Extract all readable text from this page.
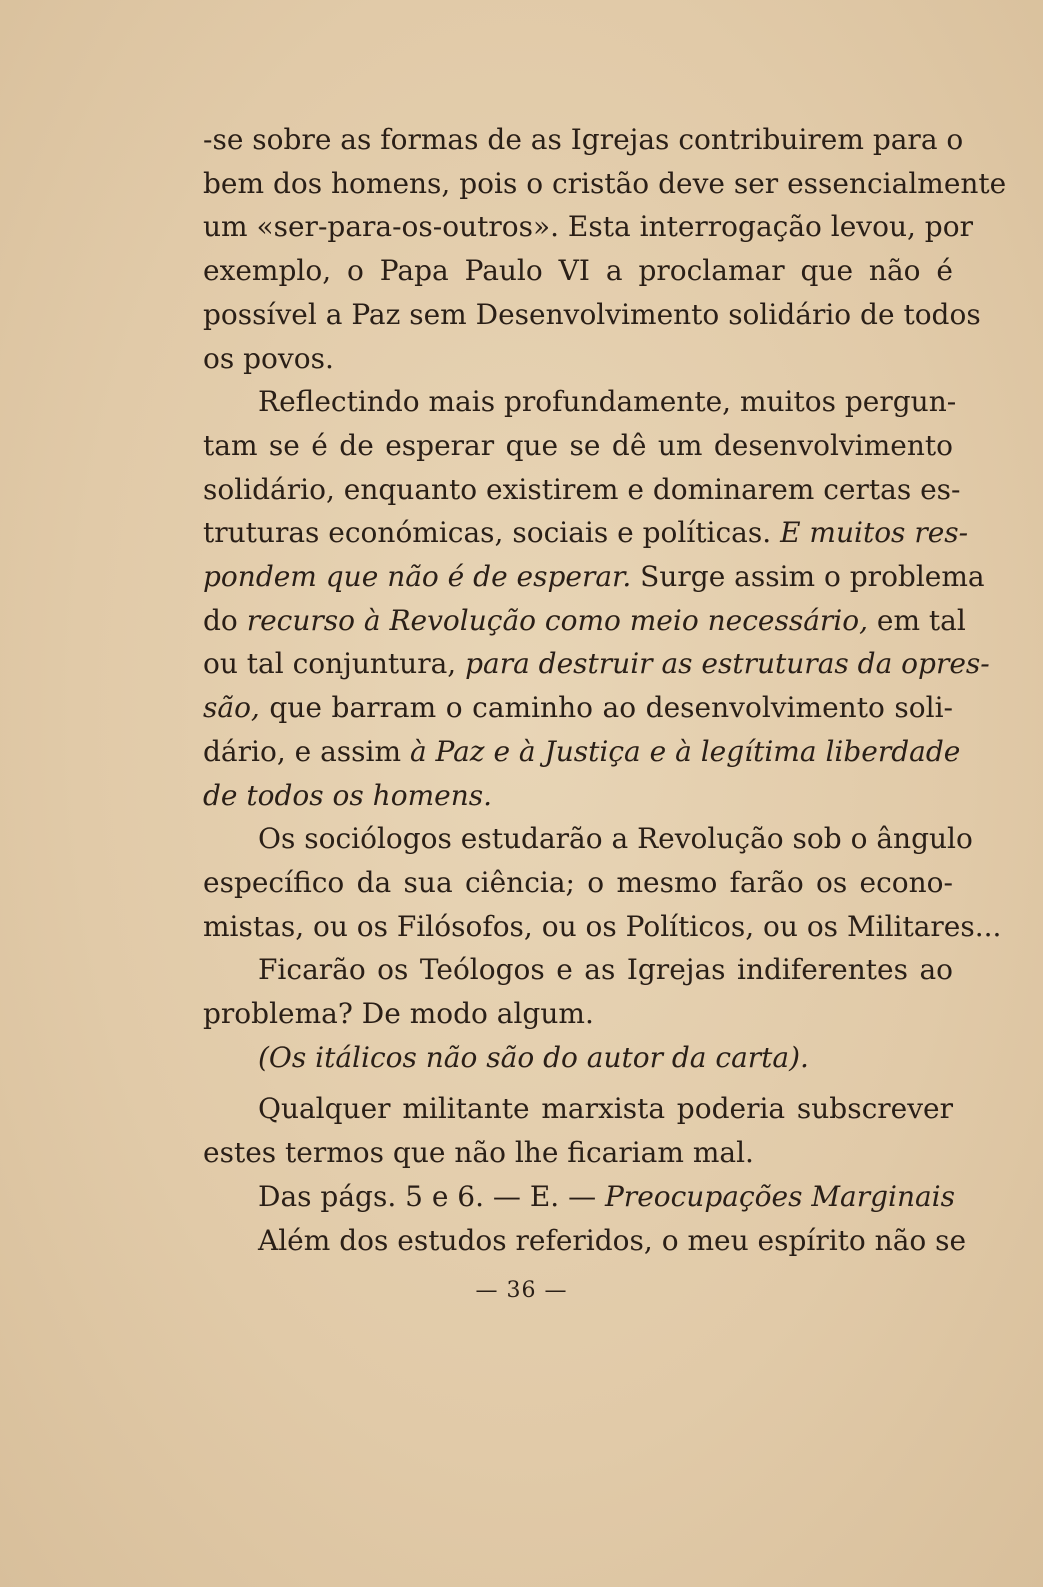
-se sobre as formas de as Igrejas contribuirem para o
bem dos homens, pois o cristão deve ser essencialmente
um «ser-para-os-outros». Esta interrogação levou, por
exemplo, o Papa Paulo VI a proclamar que não é
possível a Paz sem Desenvolvimento solidário de todos
os povos.
Reflectindo mais profundamente, muitos pergun-
tam se é de esperar que se dê um desenvolvimento
solidário, enquanto existirem e dominarem certas es-
truturas económicas, sociais e políticas. E muitos res-
pondem que não é de esperar. Surge assim o problema
do recurso à Revolução como meio necessário, em tal
ou tal conjuntura, para destruir as estruturas da opres-
são, que barram o caminho ao desenvolvimento soli-
dário, e assim à Paz e à Justiça e à legítima liberdade
de todos os homens.
Os sociólogos estudarão a Revolução sob o ângulo
específico da sua ciência; o mesmo farão os econo-
mistas, ou os Filósofos, ou os Políticos, ou os Militares...
Ficarão os Teólogos e as Igrejas indiferentes ao
problema? De modo algum.
(Os itálicos não são do autor da carta).
Qualquer militante marxista poderia subscrever
estes termos que não lhe ficariam mal.
Das págs. 5 e 6. — E. — Preocupações Marginais
Além dos estudos referidos, o meu espírito não se
— 36 —
